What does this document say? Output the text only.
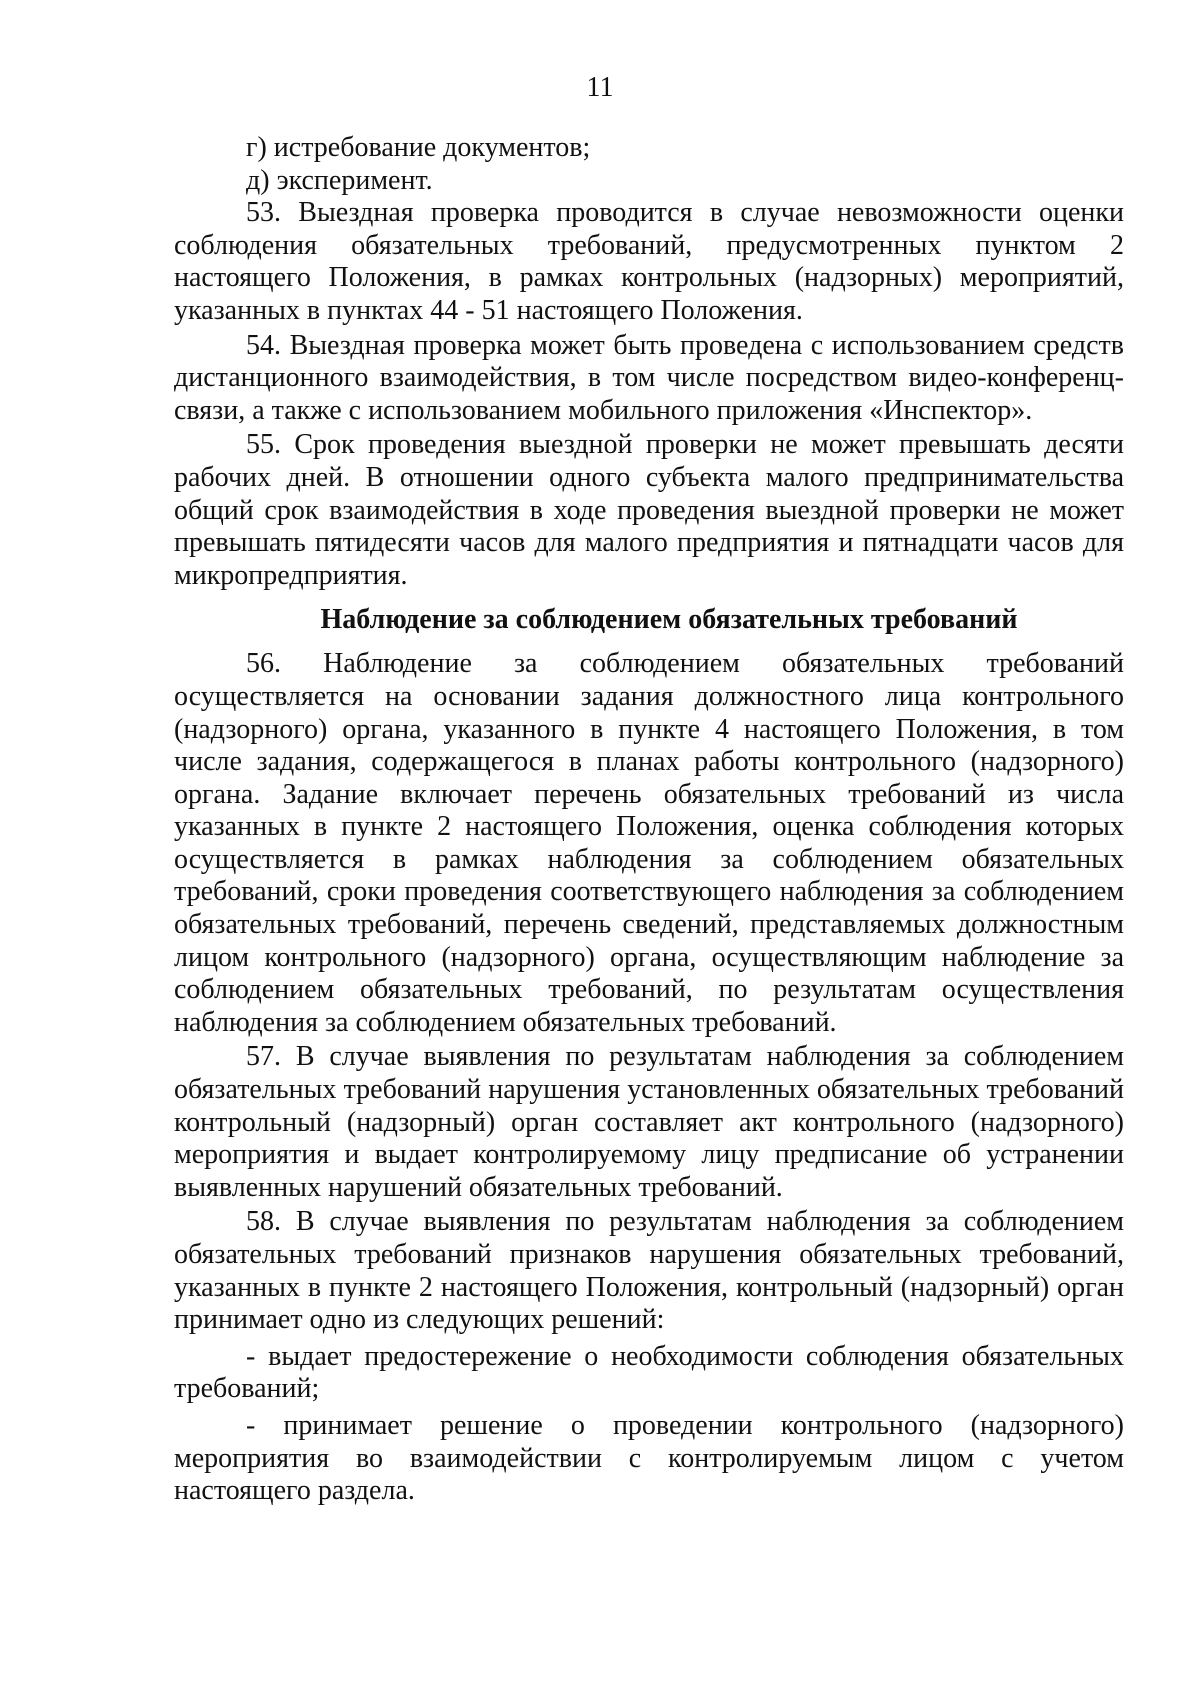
11

г) истребование документов;

д) эксперимент.

53. Выездная проверка проводится в случае невозможности оценки соблюдения обязательных требований, предусмотренных пунктом 2 настоящего Положения, в рамках контрольных (надзорных) мероприятий, указанных в пунктах 44 - 51 настоящего Положения.

54. Выездная проверка может быть проведена с использованием средств дистанционного взаимодействия, в том числе посредством видео-конференц-связи, а также с использованием мобильного приложения «Инспектор».

55. Срок проведения выездной проверки не может превышать десяти рабочих дней. В отношении одного субъекта малого предпринимательства общий срок взаимодействия в ходе проведения выездной проверки не может превышать пятидесяти часов для малого предприятия и пятнадцати часов для микропредприятия.

Наблюдение за соблюдением обязательных требований

56. Наблюдение за соблюдением обязательных требований осуществляется на основании задания должностного лица контрольного (надзорного) органа, указанного в пункте 4 настоящего Положения, в том числе задания, содержащегося в планах работы контрольного (надзорного) органа. Задание включает перечень обязательных требований из числа указанных в пункте 2 настоящего Положения, оценка соблюдения которых осуществляется в рамках наблюдения за соблюдением обязательных требований, сроки проведения соответствующего наблюдения за соблюдением обязательных требований, перечень сведений, представляемых должностным лицом контрольного (надзорного) органа, осуществляющим наблюдение за соблюдением обязательных требований, по результатам осуществления наблюдения за соблюдением обязательных требований.

57. В случае выявления по результатам наблюдения за соблюдением обязательных требований нарушения установленных обязательных требований контрольный (надзорный) орган составляет акт контрольного (надзорного) мероприятия и выдает контролируемому лицу предписание об устранении выявленных нарушений обязательных требований.

58. В случае выявления по результатам наблюдения за соблюдением обязательных требований признаков нарушения обязательных требований, указанных в пункте 2 настоящего Положения, контрольный (надзорный) орган принимает одно из следующих решений:

- выдает предостережение о необходимости соблюдения обязательных требований;

- принимает решение о проведении контрольного (надзорного) мероприятия во взаимодействии с контролируемым лицом с учетом настоящего раздела.
